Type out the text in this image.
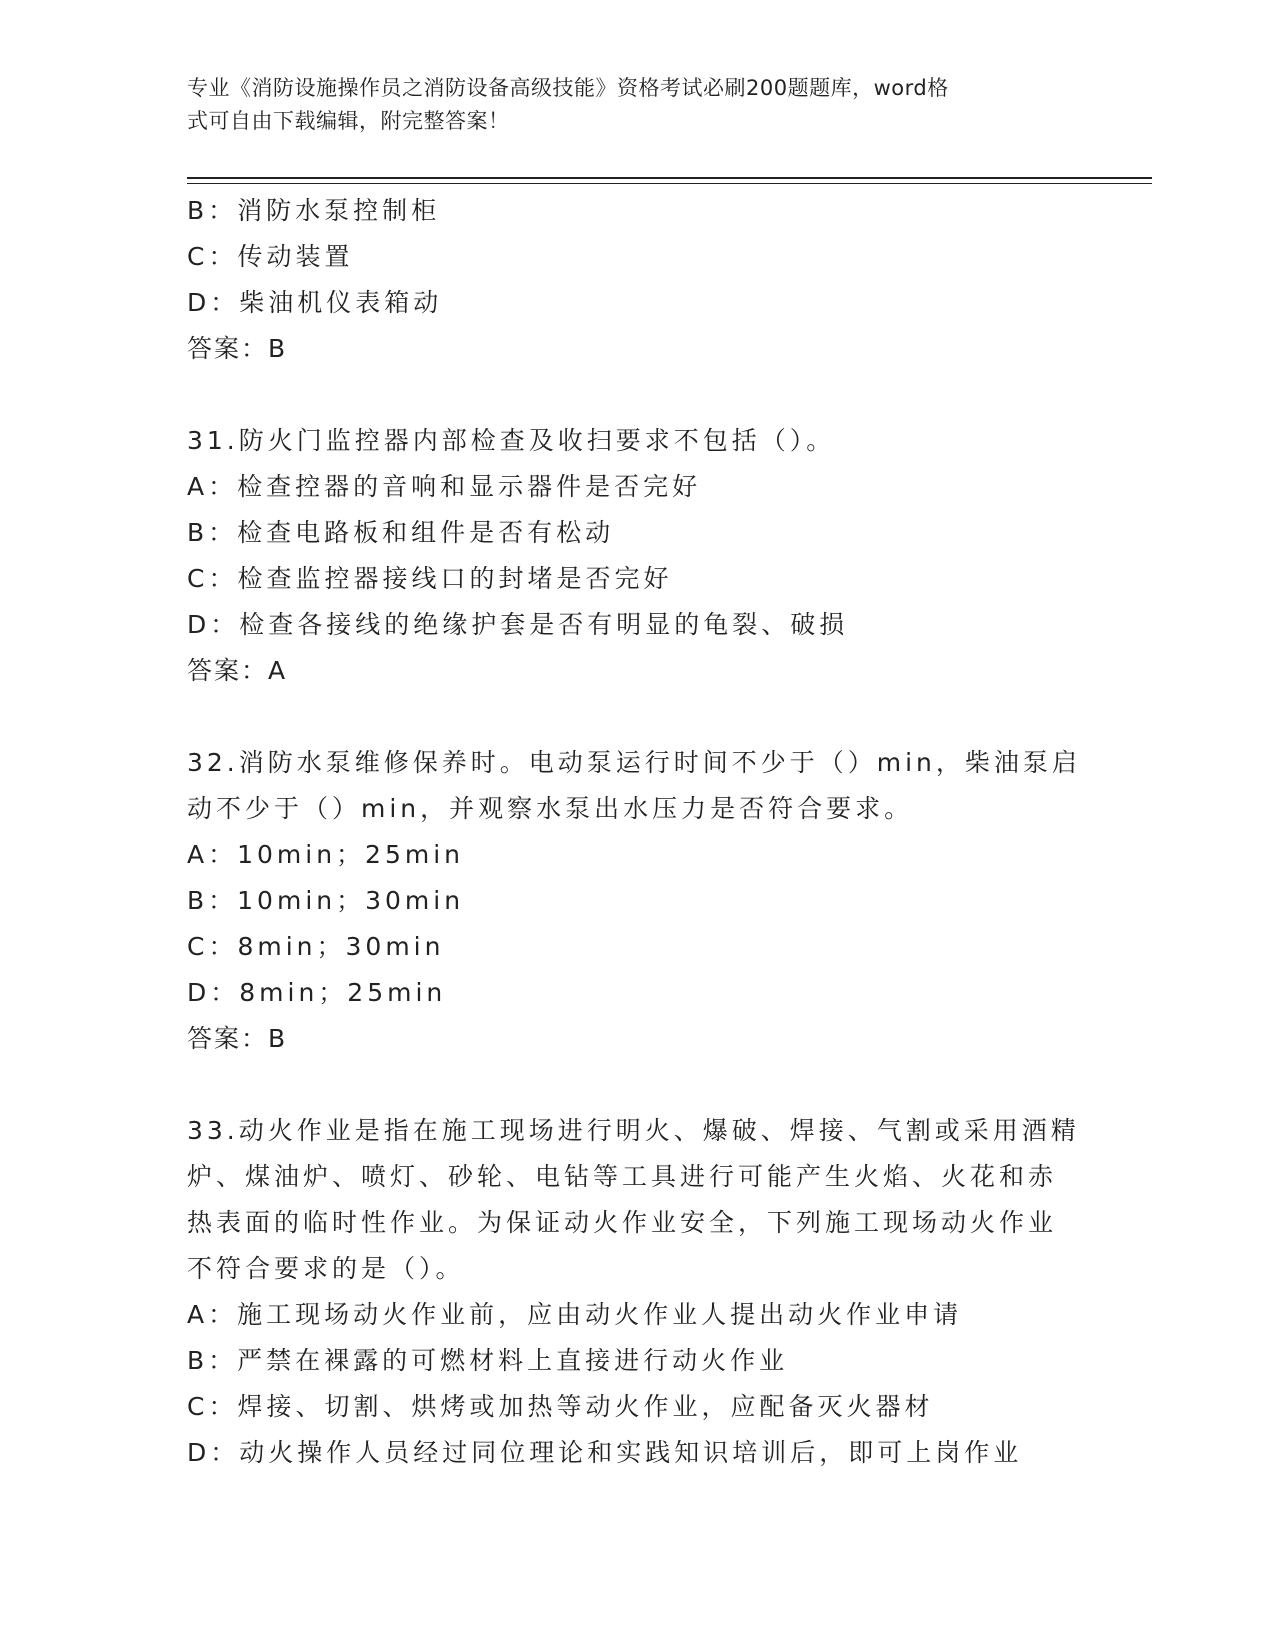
专业《消防设施操作员之消防设备高级技能》资格考试必刷200题题库，word格
式可自由下载编辑，附完整答案！
B：消防水泵控制柜
C：传动装置
D：柴油机仪表箱动
答案：B
31.防火门监控器内部检查及收扫要求不包括（）。
A：检查控器的音响和显示器件是否完好
B：检查电路板和组件是否有松动
C：检查监控器接线口的封堵是否完好
D：检查各接线的绝缘护套是否有明显的龟裂、破损
答案：A
32.消防水泵维修保养时。电动泵运行时间不少于（）min，柴油泵启
动不少于（）min，并观察水泵出水压力是否符合要求。
A：10min；25min
B：10min；30min
C：8min；30min
D：8min；25min
答案：B
33.动火作业是指在施工现场进行明火、爆破、焊接、气割或采用酒精
炉、煤油炉、喷灯、砂轮、电钻等工具进行可能产生火焰、火花和赤
热表面的临时性作业。为保证动火作业安全，下列施工现场动火作业
不符合要求的是（）。
A：施工现场动火作业前，应由动火作业人提出动火作业申请
B：严禁在裸露的可燃材料上直接进行动火作业
C：焊接、切割、烘烤或加热等动火作业，应配备灭火器材
D：动火操作人员经过同位理论和实践知识培训后，即可上岗作业
